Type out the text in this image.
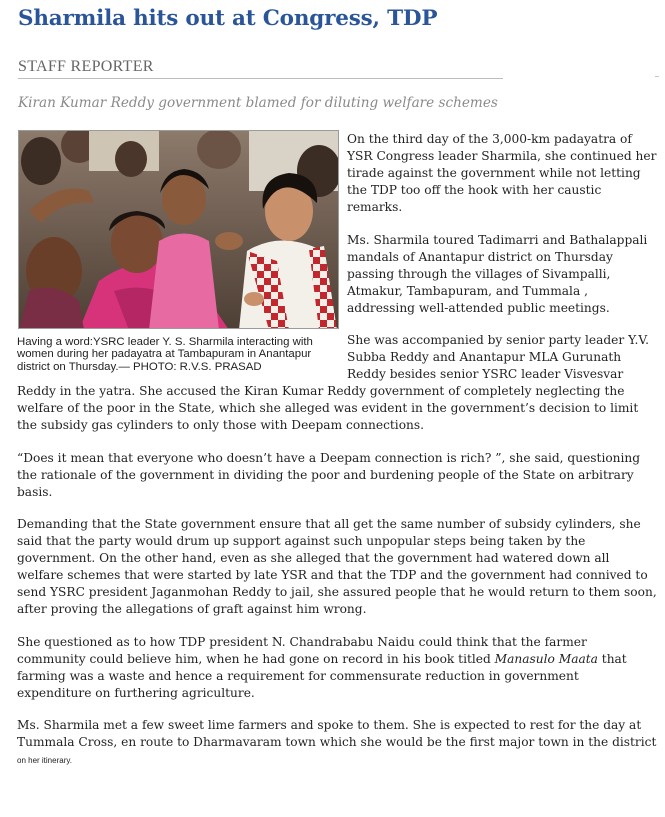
Sharmila hits out at Congress, TDP
STAFF REPORTER
Kiran Kumar Reddy government blamed for diluting welfare schemes
Having a word:YSRC leader Y. S. Sharmila interacting with women during her padayatra at Tambapuram in Anantapur district on Thursday.— PHOTO: R.V.S. PRASAD

On the third day of the 3,000-km padayatra of YSR Congress leader Sharmila, she continued her tirade against the government while not letting the TDP too off the hook with her caustic remarks.

Ms. Sharmila toured Tadimarri and Bathalappali mandals of Anantapur district on Thursday passing through the villages of Sivampalli, Atmakur, Tambapuram, and Tummala , addressing well-attended public meetings.

She was accompanied by senior party leader Y.V. Subba Reddy and Anantapur MLA Gurunath Reddy besides senior YSRC leader Visvesvar Reddy in the yatra. She accused the Kiran Kumar Reddy government of completely neglecting the welfare of the poor in the State, which she alleged was evident in the government’s decision to limit the subsidy gas cylinders to only those with Deepam connections.

“Does it mean that everyone who doesn’t have a Deepam connection is rich? ”, she said, questioning the rationale of the government in dividing the poor and burdening people of the State on arbitrary basis.

Demanding that the State government ensure that all get the same number of subsidy cylinders, she said that the party would drum up support against such unpopular steps being taken by the government. On the other hand, even as she alleged that the government had watered down all welfare schemes that were started by late YSR and that the TDP and the government had connived to send YSRC president Jaganmohan Reddy to jail, she assured people that he would return to them soon, after proving the allegations of graft against him wrong.

She questioned as to how TDP president N. Chandrababu Naidu could think that the farmer community could believe him, when he had gone on record in his book titled Manasulo Maata that farming was a waste and hence a requirement for commensurate reduction in government expenditure on furthering agriculture.

Ms. Sharmila met a few sweet lime farmers and spoke to them. She is expected to rest for the day at Tummala Cross, en route to Dharmavaram town which she would be the first major town in the district
on her itinerary.
